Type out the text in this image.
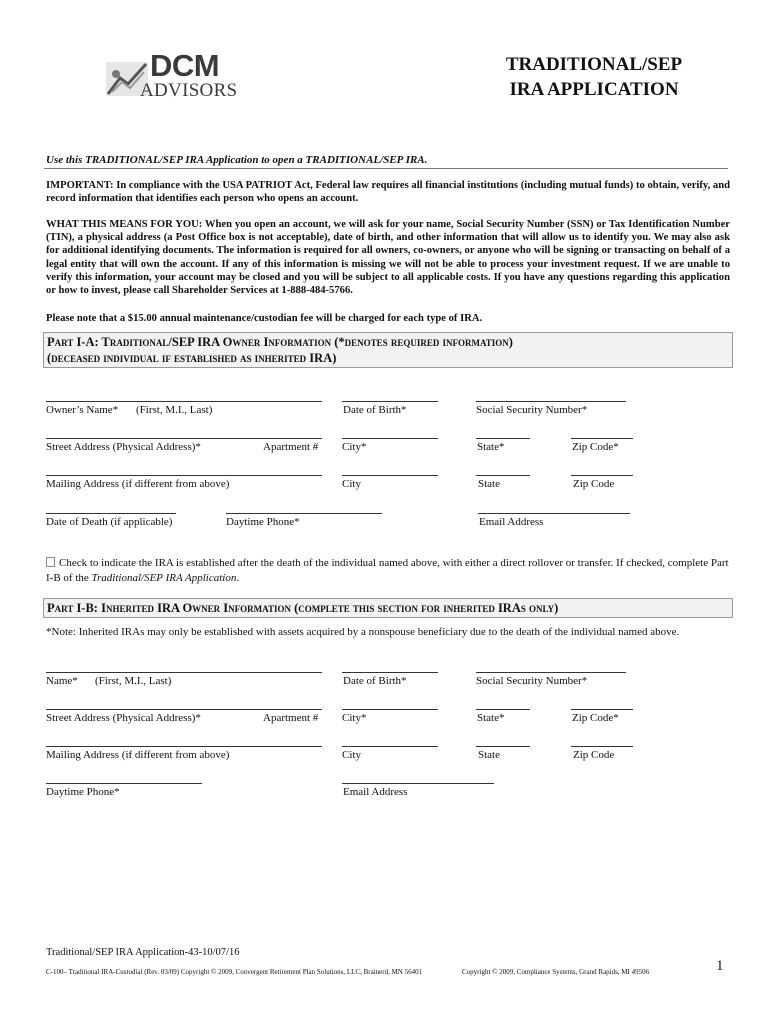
DCM
ADVISORS
TRADITIONAL/SEP
IRA APPLICATION
Use this TRADITIONAL/SEP IRA Application to open a TRADITIONAL/SEP IRA.
IMPORTANT: In compliance with the USA PATRIOT Act, Federal law requires all financial institutions (including mutual funds) to obtain, verify, and record information that identifies each person who opens an account.
WHAT THIS MEANS FOR YOU: When you open an account, we will ask for your name, Social Security Number (SSN) or Tax Identification Number (TIN), a physical address (a Post Office box is not acceptable), date of birth, and other information that will allow us to identify you. We may also ask for additional identifying documents. The information is required for all owners, co-owners, or anyone who will be signing or transacting on behalf of a legal entity that will own the account. If any of this information is missing we will not be able to process your investment request. If we are unable to verify this information, your account may be closed and you will be subject to all applicable costs. If you have any questions regarding this application or how to invest, please call Shareholder Services at 1-888-484-5766.
Please note that a $15.00 annual maintenance/custodian fee will be charged for each type of IRA.
Part I-A: Traditional/SEP IRA Owner Information (*denotes required information)
(deceased individual if established as inherited IRA)
Owner’s Name* (First, M.I., Last)	Date of Birth*	Social Security Number*
Street Address (Physical Address)*	Apartment # City*	State*	Zip Code*
Mailing Address (if different from above)	City	State	Zip Code
Date of Death (if applicable)	Daytime Phone*	Email Address
Check to indicate the IRA is established after the death of the individual named above, with either a direct rollover or transfer. If checked, complete Part I-B of the Traditional/SEP IRA Application.
Part I-B: Inherited IRA Owner Information (complete this section for inherited IRAs only)
*Note: Inherited IRAs may only be established with assets acquired by a nonspouse beneficiary due to the death of the individual named above.
Name* (First, M.I., Last)	Date of Birth*	Social Security Number*
Street Address (Physical Address)*	Apartment # City*	State*	Zip Code*
Mailing Address (if different from above)	City	State	Zip Code
Daytime Phone*	Email Address
Traditional/SEP IRA Application-43-10/07/16
C-100– Traditional IRA-Custodial (Rev. 03/09) Copyright © 2009, Convergent Retirement Plan Solutions, LLC, Brainerd, MN 56401	Copyright © 2009, Compliance Systems, Grand Rapids, MI 49506	1
